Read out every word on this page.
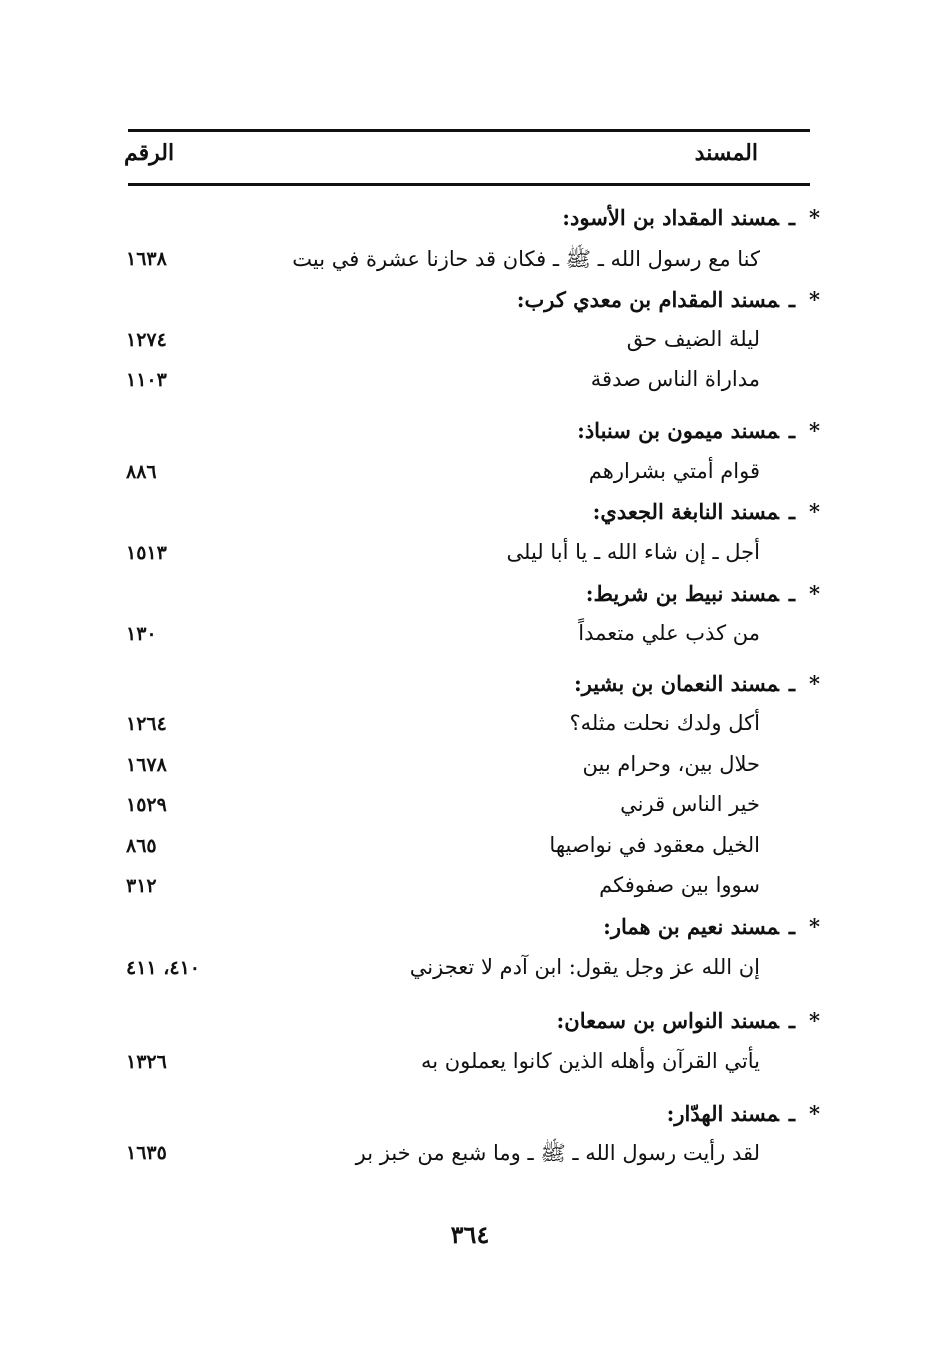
المسند
الرقم
*ـمسند المقداد بن الأسود:
كنا مع رسول الله ـ ﷺ ـ فكان قد حازنا عشرة في بيت
١٦٣٨
*ـمسند المقدام بن معدي كرب:
ليلة الضيف حق
١٢٧٤
مداراة الناس صدقة
١١٠٣
*ـمسند ميمون بن سنباذ:
قوام أمتي بشرارهم
٨٨٦
*ـمسند النابغة الجعدي:
أجل ـ إن شاء الله ـ يا أبا ليلى
١٥١٣
*ـمسند نبيط بن شريط:
من كذب علي متعمداً
١٣٠
*ـمسند النعمان بن بشير:
أكل ولدك نحلت مثله؟
١٢٦٤
حلال بين، وحرام بين
١٦٧٨
خير الناس قرني
١٥٢٩
الخيل معقود في نواصيها
٨٦٥
سووا بين صفوفكم
٣١٢
*ـمسند نعيم بن همار:
إن الله عز وجل يقول: ابن آدم لا تعجزني
٤١٠، ٤١١
*ـمسند النواس بن سمعان:
يأتي القرآن وأهله الذين كانوا يعملون به
١٣٢٦
*ـمسند الهدّار:
لقد رأيت رسول الله ـ ﷺ ـ وما شبع من خبز بر
١٦٣٥
٣٦٤
